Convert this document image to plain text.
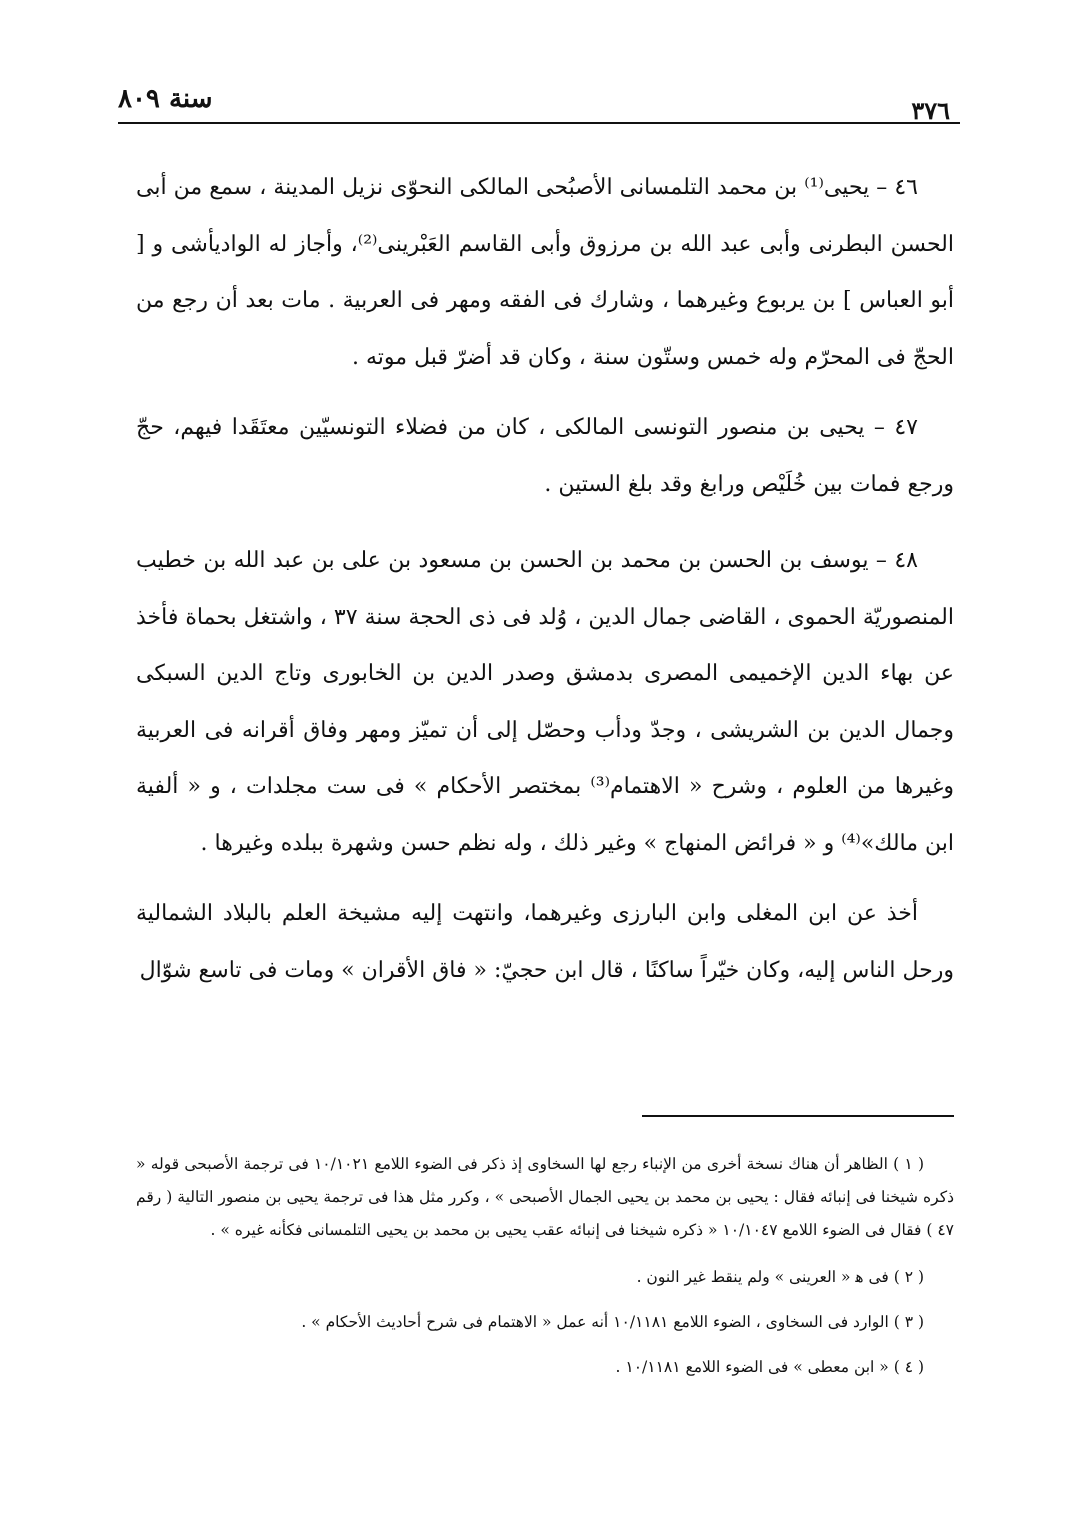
٣٧٦
سنة ٨٠٩

٤٦ – يحيى⁽¹⁾ بن محمد التلمسانى الأصبُحى المالكى النحوّى نزيل المدينة ، سمع من أبى الحسن البطرنى وأبى عبد الله بن مرزوق وأبى القاسم العَبْرينى⁽²⁾، وأجاز له الواديأشى و [ أبو العباس ] بن يربوع وغيرهما ، وشارك فى الفقه ومهر فى العربية . مات بعد أن رجع من الحجّ فى المحرّم وله خمس وستّون سنة ، وكان قد أضرّ قبل موته .

٤٧ – يحيى بن منصور التونسى المالكى ، كان من فضلاء التونسيّين معتَقَدا فيهم، حجّ ورجع فمات بين خُلَيْص ورابغ وقد بلغ الستين .

٤٨ – يوسف بن الحسن بن محمد بن الحسن بن مسعود بن على بن عبد الله بن خطيب المنصوريّة الحموى ، القاضى جمال الدين ، وُلد فى ذى الحجة سنة ٣٧ ، واشتغل بحماة فأخذ عن بهاء الدين الإخميمى المصرى بدمشق وصدر الدين بن الخابورى وتاج الدين السبكى وجمال الدين بن الشريشى ، وجدّ ودأب وحصّل إلى أن تميّز ومهر وفاق أقرانه فى العربية وغيرها من العلوم ، وشرح « الاهتمام⁽³⁾ بمختصر الأحكام » فى ست مجلدات ، و « ألفية ابن مالك»⁽⁴⁾ و « فرائض المنهاج » وغير ذلك ، وله نظم حسن وشهرة ببلده وغيرها .

أخذ عن ابن المغلى وابن البارزى وغيرهما، وانتهت إليه مشيخة العلم بالبلاد الشمالية ورحل الناس إليه، وكان خيّراً ساكنًا ، قال ابن حجيّ: « فاق الأقران » ومات فى تاسع شوّال

( ١ ) الظاهر أن هناك نسخة أخرى من الإنباء رجع لها السخاوى إذ ذكر فى الضوء اللامع ١٠/١٠٢١ فى ترجمة الأصبحى قوله « ذكره شيخنا فى إنبائه فقال : يحيى بن محمد بن يحيى الجمال الأصبحى » ، وكرر مثل هذا فى ترجمة يحيى بن منصور التالية ( رقم ٤٧ ) فقال فى الضوء اللامع ١٠/١٠٤٧ « ذكره شيخنا فى إنبائه عقب يحيى بن محمد بن يحيى التلمسانى فكأنه غيره » .

( ٢ ) فى ﻫ « العرينى » ولم ينقط غير النون .

( ٣ ) الوارد فى السخاوى ، الضوء اللامع ١٠/١١٨١ أنه عمل « الاهتمام فى شرح أحاديث الأحكام » .

( ٤ ) « ابن معطى » فى الضوء اللامع ١٠/١١٨١ .
